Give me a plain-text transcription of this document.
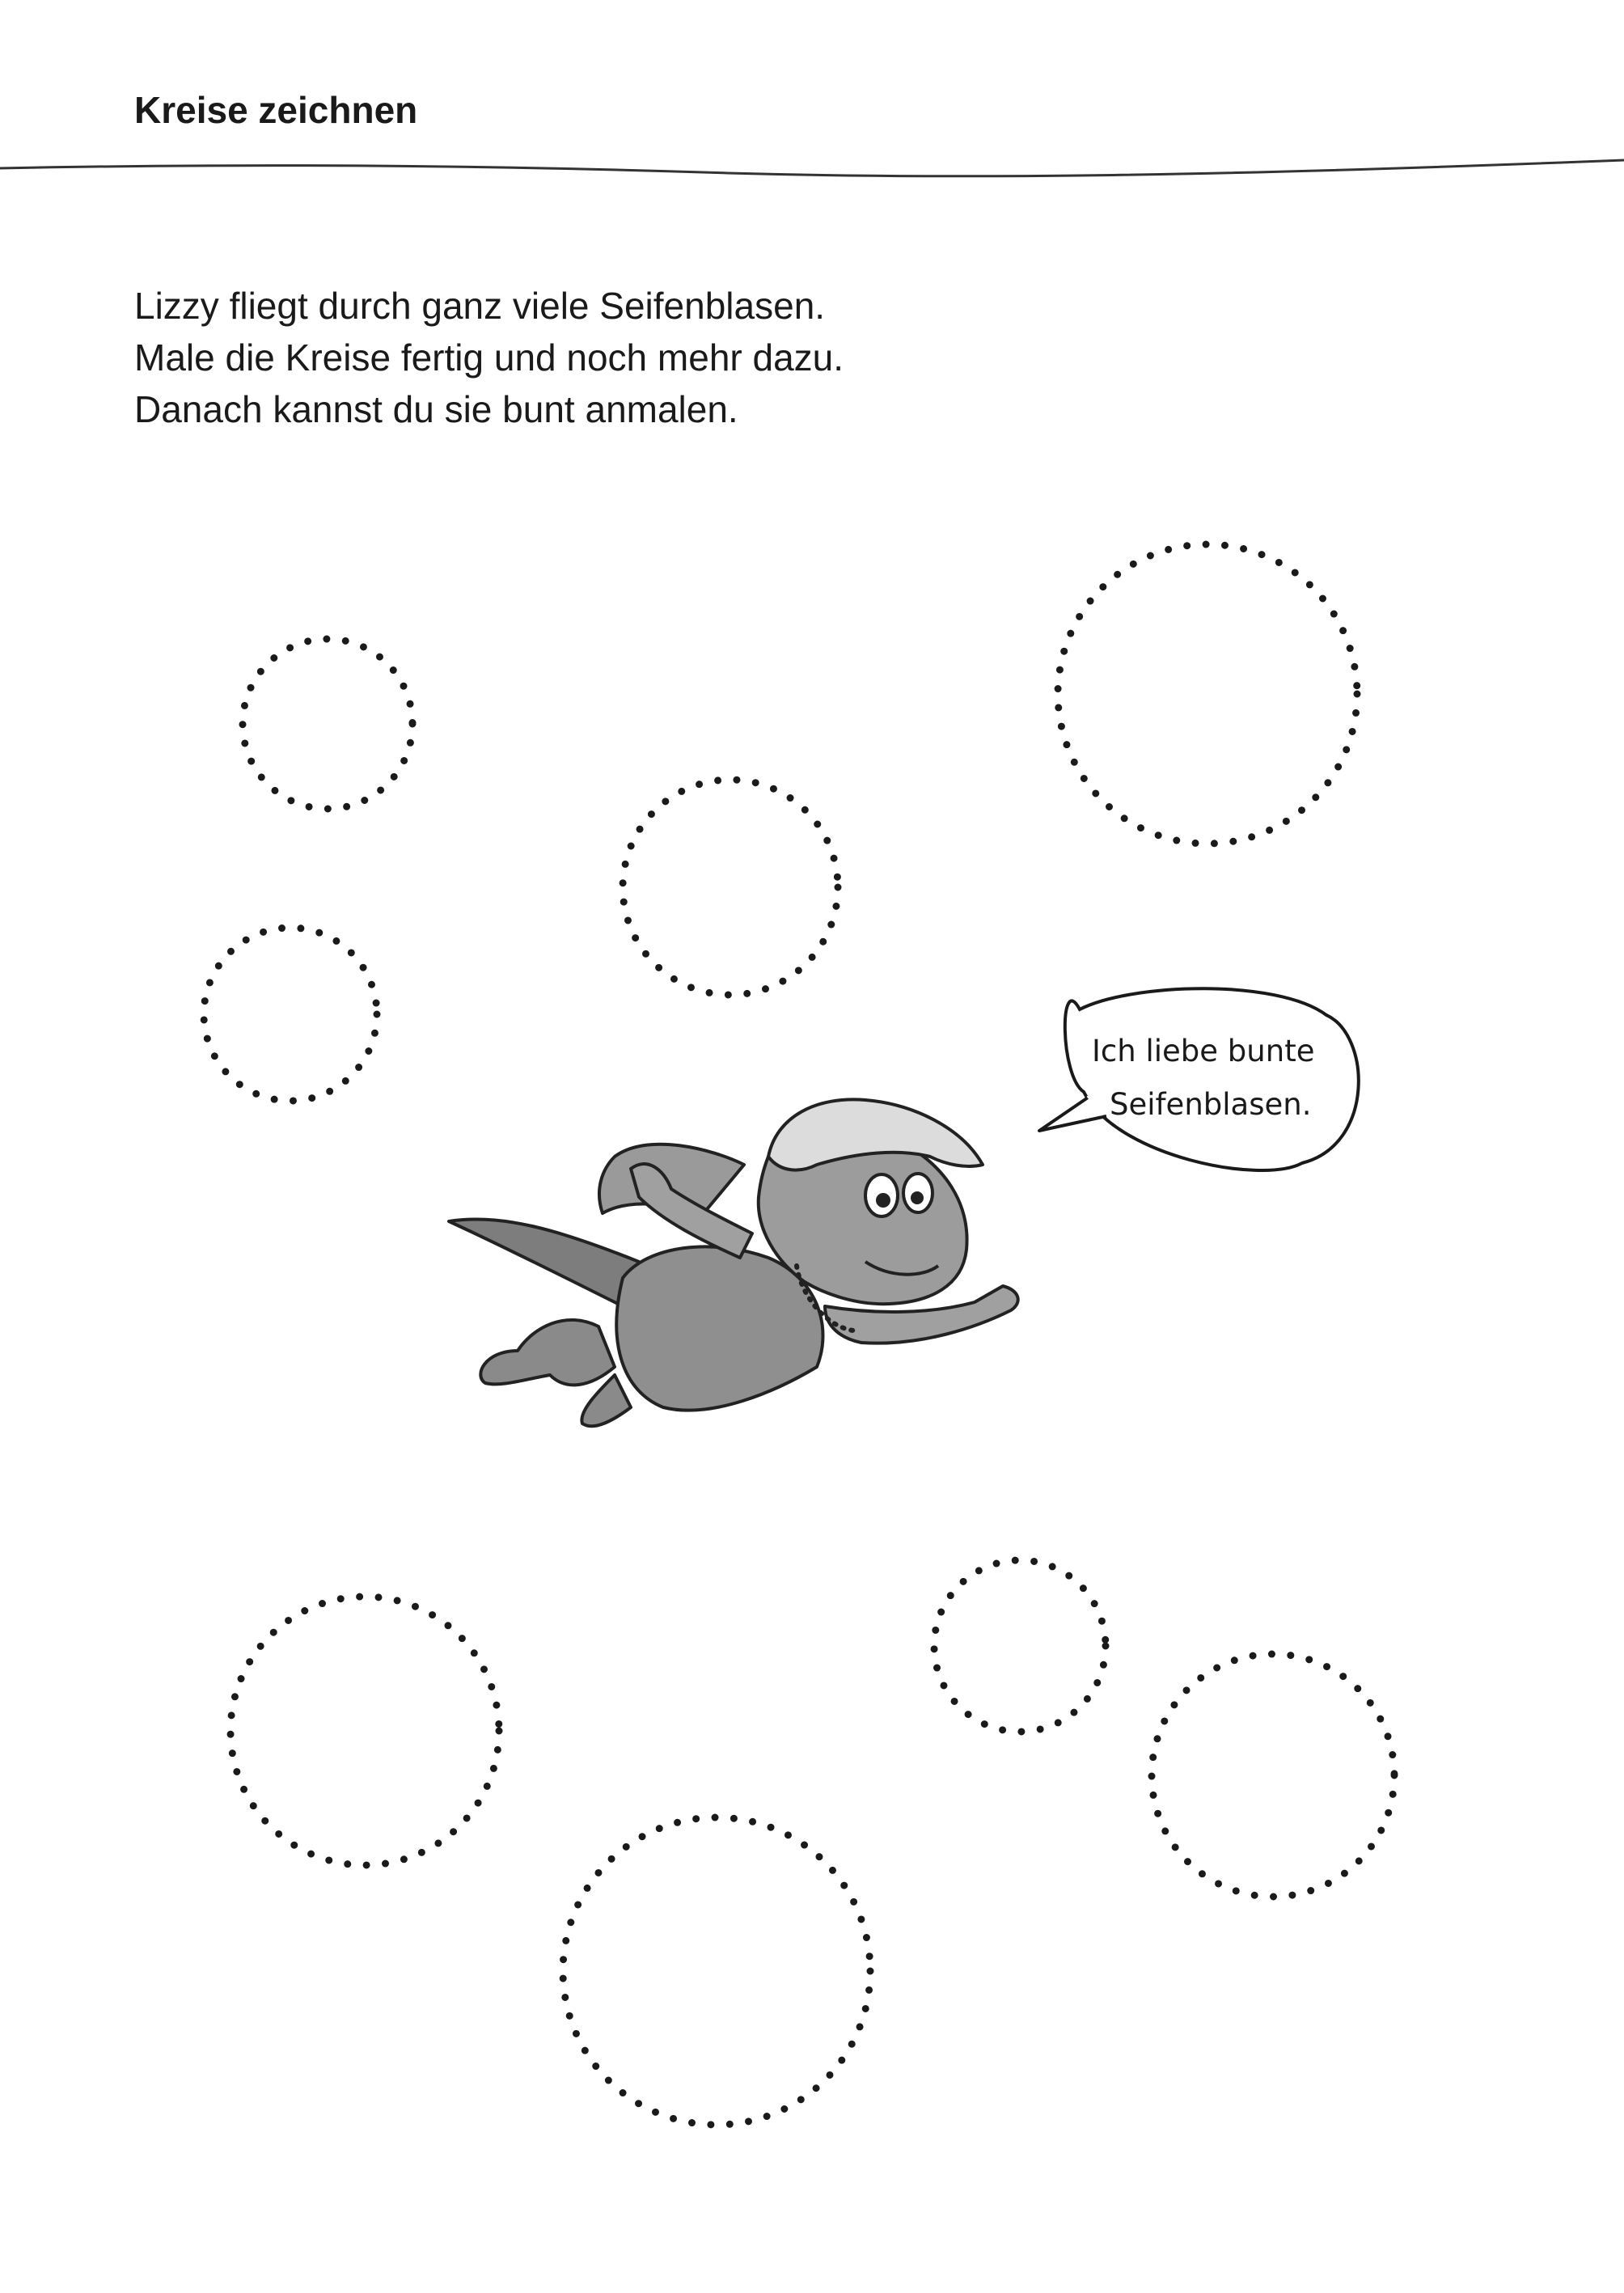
Kreise zeichnen
Lizzy fliegt durch ganz viele Seifenblasen.
Male die Kreise fertig und noch mehr dazu.
Danach kannst du sie bunt anmalen.
Ich liebe bunte
Seifenblasen.
